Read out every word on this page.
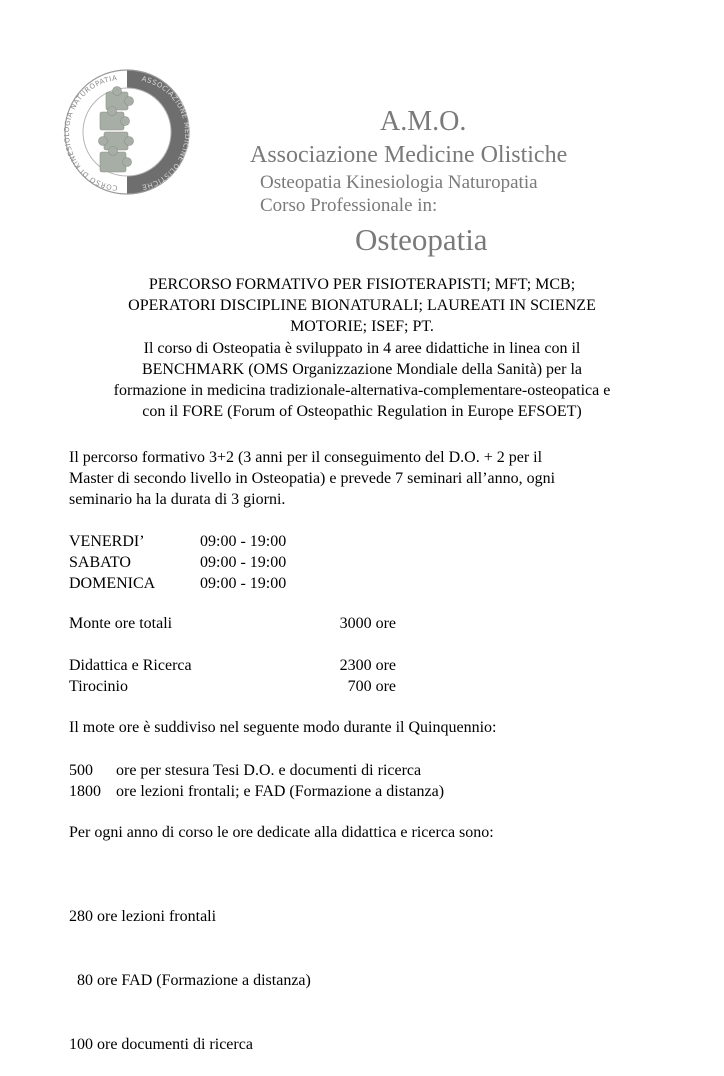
CORSO DI KINESIOLOGIA NATUROPATIA	ASSOCIAZIONE MEDICINE OLISTICHE
A.M.O.
Associazione Medicine Olistiche
Osteopatia Kinesiologia Naturopatia
Corso Professionale in:
Osteopatia

PERCORSO FORMATIVO PER FISIOTERAPISTI; MFT; MCB;

OPERATORI DISCIPLINE BIONATURALI; LAUREATI IN SCIENZE

MOTORIE; ISEF; PT.

Il corso di Osteopatia è sviluppato in 4 aree didattiche in linea con il

BENCHMARK (OMS Organizzazione Mondiale della Sanità) per la

formazione in medicina tradizionale-alternativa-complementare-osteopatica e

con il FORE (Forum of Osteopathic Regulation in Europe EFSOET)

Il percorso formativo 3+2 (3 anni per il conseguimento del D.O. + 2 per il

Master di secondo livello in Osteopatia) e prevede 7 seminari all’anno, ogni

seminario ha la durata di 3 giorni.

VENERDI’	09:00 - 19:00
SABATO	09:00 - 19:00
DOMENICA	09:00 - 19:00
Monte ore totali	3000 ore
Didattica e Ricerca	2300 ore
Tirocinio	700 ore

Il mote ore è suddiviso nel seguente modo durante il Quinquennio:

500 ore per stesura Tesi D.O. e documenti di ricerca
1800 ore lezioni frontali; e FAD (Formazione a distanza)

Per ogni anno di corso le ore dedicate alla didattica e ricerca sono:

280 ore lezioni frontali

80 ore FAD (Formazione a distanza)

100 ore documenti di ricerca
